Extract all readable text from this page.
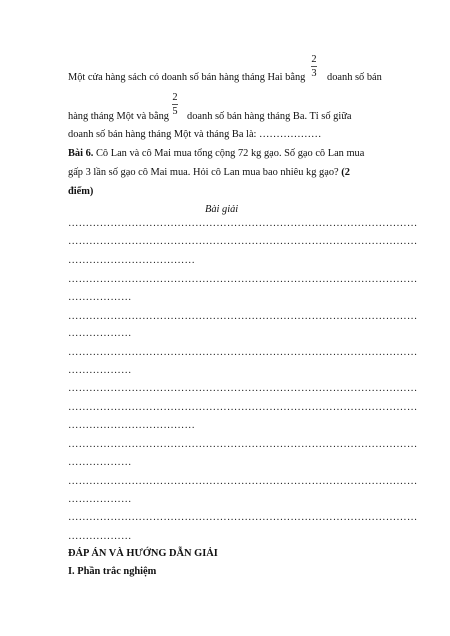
Một cửa hàng sách có doanh số bán hàng tháng Hai bằng
2
3 doanh số bán
hàng tháng Một và bằng
2
5 doanh số bán hàng tháng Ba. Tỉ số giữa
doanh số bán hàng tháng Một và tháng Ba là: ………………
Bài 6. Cô Lan và cô Mai mua tổng cộng 72 kg gạo. Số gạo cô Lan mua
gấp 3 lần số gạo cô Mai mua. Hỏi cô Lan mua bao nhiêu kg gạo? (2
điểm)
Bài giải
………………………………………………………………………………………
………………………………………………………………………………………
………………………………
………………………………………………………………………………………
………………
………………………………………………………………………………………
………………
………………………………………………………………………………………
………………
………………………………………………………………………………………
………………………………………………………………………………………
………………………………
………………………………………………………………………………………
………………
………………………………………………………………………………………
………………
………………………………………………………………………………………
………………
ĐÁP ÁN VÀ HƯỚNG DẪN GIẢI
I. Phần trắc nghiệm
